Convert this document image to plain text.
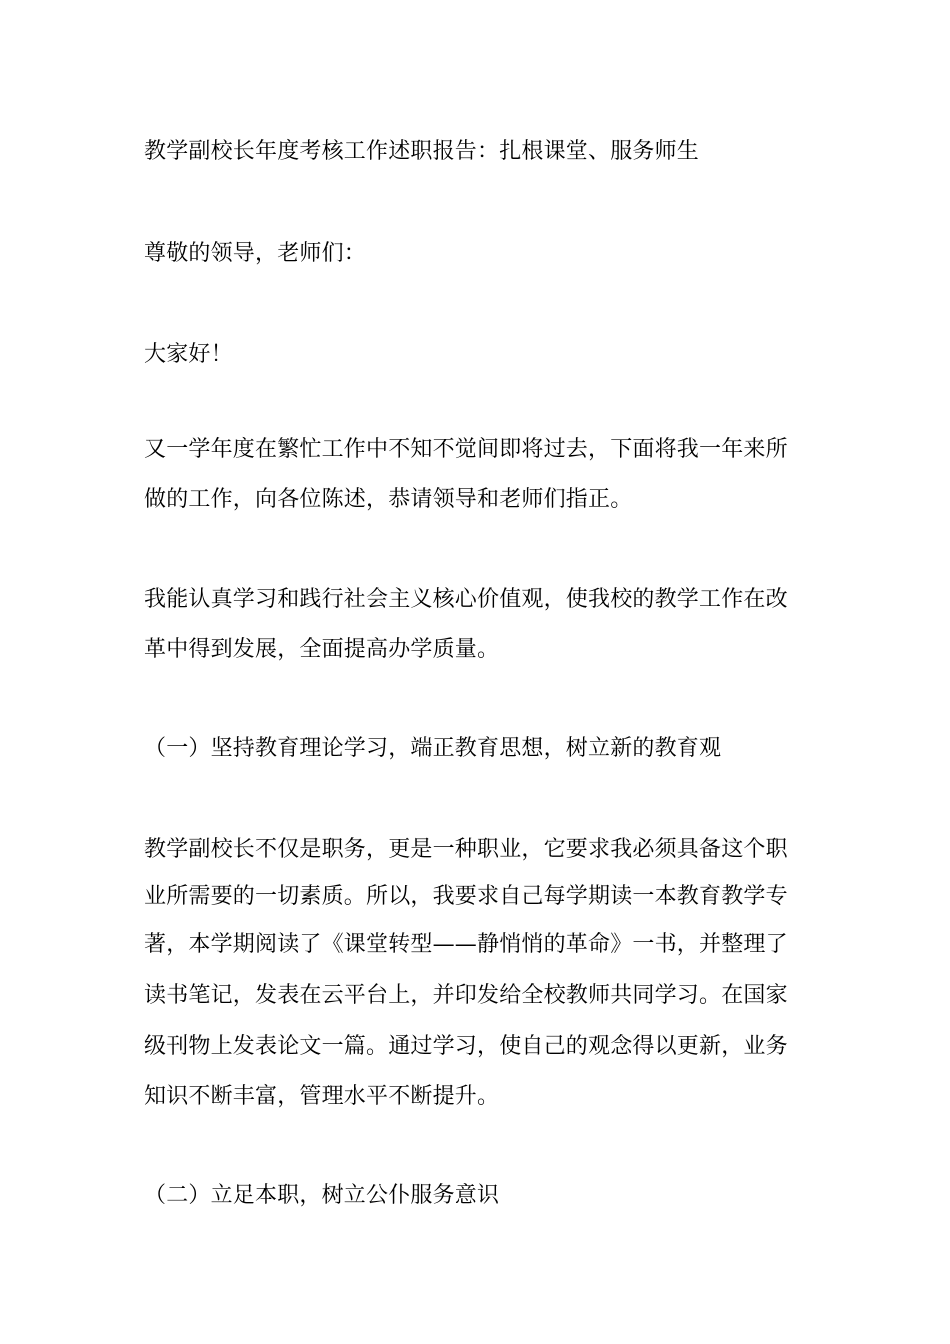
教学副校长年度考核工作述职报告：扎根课堂、服务师生
尊敬的领导，老师们：
大家好！
又一学年度在繁忙工作中不知不觉间即将过去，下面将我一年来所
做的工作，向各位陈述，恭请领导和老师们指正。
我能认真学习和践行社会主义核心价值观，使我校的教学工作在改
革中得到发展，全面提高办学质量。
（一）坚持教育理论学习，端正教育思想，树立新的教育观
教学副校长不仅是职务，更是一种职业，它要求我必须具备这个职
业所需要的一切素质。所以，我要求自己每学期读一本教育教学专
著，本学期阅读了《课堂转型——静悄悄的革命》一书，并整理了
读书笔记，发表在云平台上，并印发给全校教师共同学习。在国家
级刊物上发表论文一篇。通过学习，使自己的观念得以更新，业务
知识不断丰富，管理水平不断提升。
（二）立足本职，树立公仆服务意识
